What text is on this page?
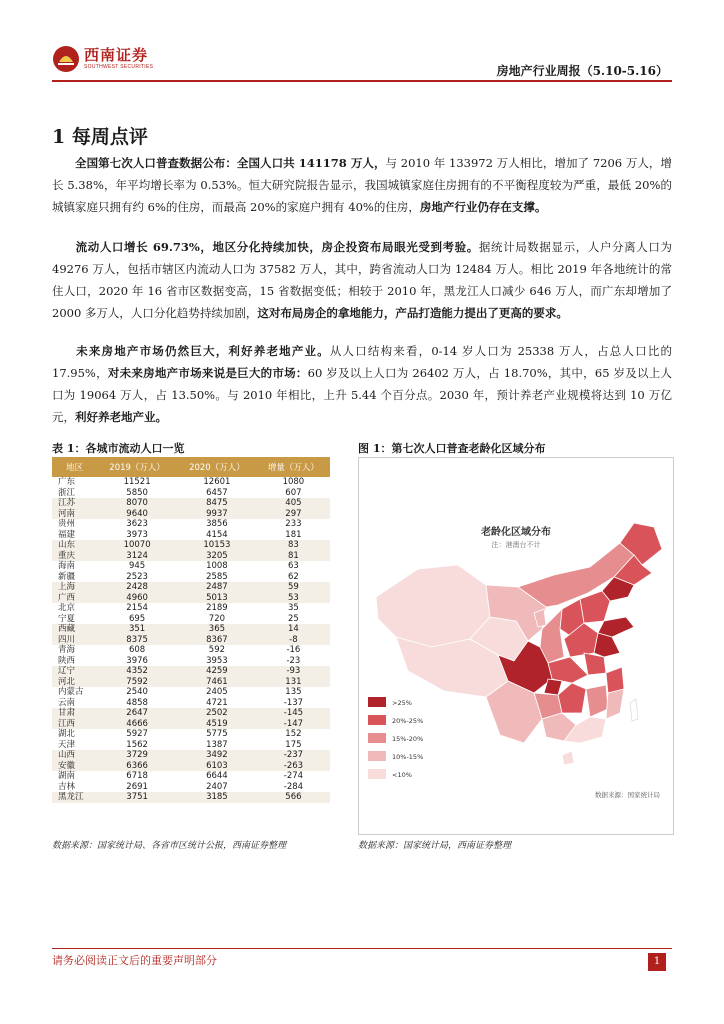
西南证券
SOUTHWEST SECURITIES	房地产行业周报（5.10-5.16）
1 每周点评
  全国第七次人口普查数据公布：全国人口共 141178 万人，与 2010 年 133972 万人相比，增加了 7206 万人，增长 5.38%，年平均增长率为 0.53%。恒大研究院报告显示，我国城镇家庭住房拥有的不平衡程度较为严重，最低 20%的城镇家庭只拥有约 6%的住房，而最高 20%的家庭户拥有 40%的住房，房地产行业仍存在支撑。
  流动人口增长 69.73%，地区分化持续加快，房企投资布局眼光受到考验。据统计局数据显示，人户分离人口为 49276 万人，包括市辖区内流动人口为 37582 万人，其中，跨省流动人口为 12484 万人。相比 2019 年各地统计的常住人口，2020 年 16 省市区数据变高，15 省数据变低；相较于 2010 年，黑龙江人口减少 646 万人，而广东却增加了 2000 多万人，人口分化趋势持续加剧，这对布局房企的拿地能力，产品打造能力提出了更高的要求。
  未来房地产市场仍然巨大，利好养老地产业。从人口结构来看，0-14 岁人口为 25338 万人，占总人口比的 17.95%，对未来房地产市场来说是巨大的市场：60 岁及以上人口为 26402 万人，占 18.70%，其中，65 岁及以上人口为 19064 万人，占 13.50%。与 2010 年相比，上升 5.44 个百分点。2030 年，预计养老产业规模将达到 10 万亿元，利好养老地产业。
表 1：各城市流动人口一览
地区	2019（万人）	2020（万人）	增量（万人）
广东	11521	12601	1080
浙江	5850	6457	607
江苏	8070	8475	405
河南	9640	9937	297
贵州	3623	3856	233
福建	3973	4154	181
山东	10070	10153	83
重庆	3124	3205	81
海南	945	1008	63
新疆	2523	2585	62
上海	2428	2487	59
广西	4960	5013	53
北京	2154	2189	35
宁夏	695	720	25
西藏	351	365	14
四川	8375	8367	-8
青海	608	592	-16
陕西	3976	3953	-23
辽宁	4352	4259	-93
河北	7592	7461	131
内蒙古	2540	2405	135
云南	4858	4721	-137
甘肃	2647	2502	-145
江西	4666	4519	-147
湖北	5927	5775	152
天津	1562	1387	175
山西	3729	3492	-237
安徽	6366	6103	-263
湖南	6718	6644	-274
吉林	2691	2407	-284
黑龙江	3751	3185	566
数据来源：国家统计局、各省市区统计公报，西南证券整理
图 1：第七次人口普查老龄化区域分布
老龄化区域分布
注：港澳台不计
>25%
20%-25%
15%-20%
10%-15%
<10%
数据来源：国家统计局
数据来源：国家统计局，西南证券整理
请务必阅读正文后的重要声明部分	1
